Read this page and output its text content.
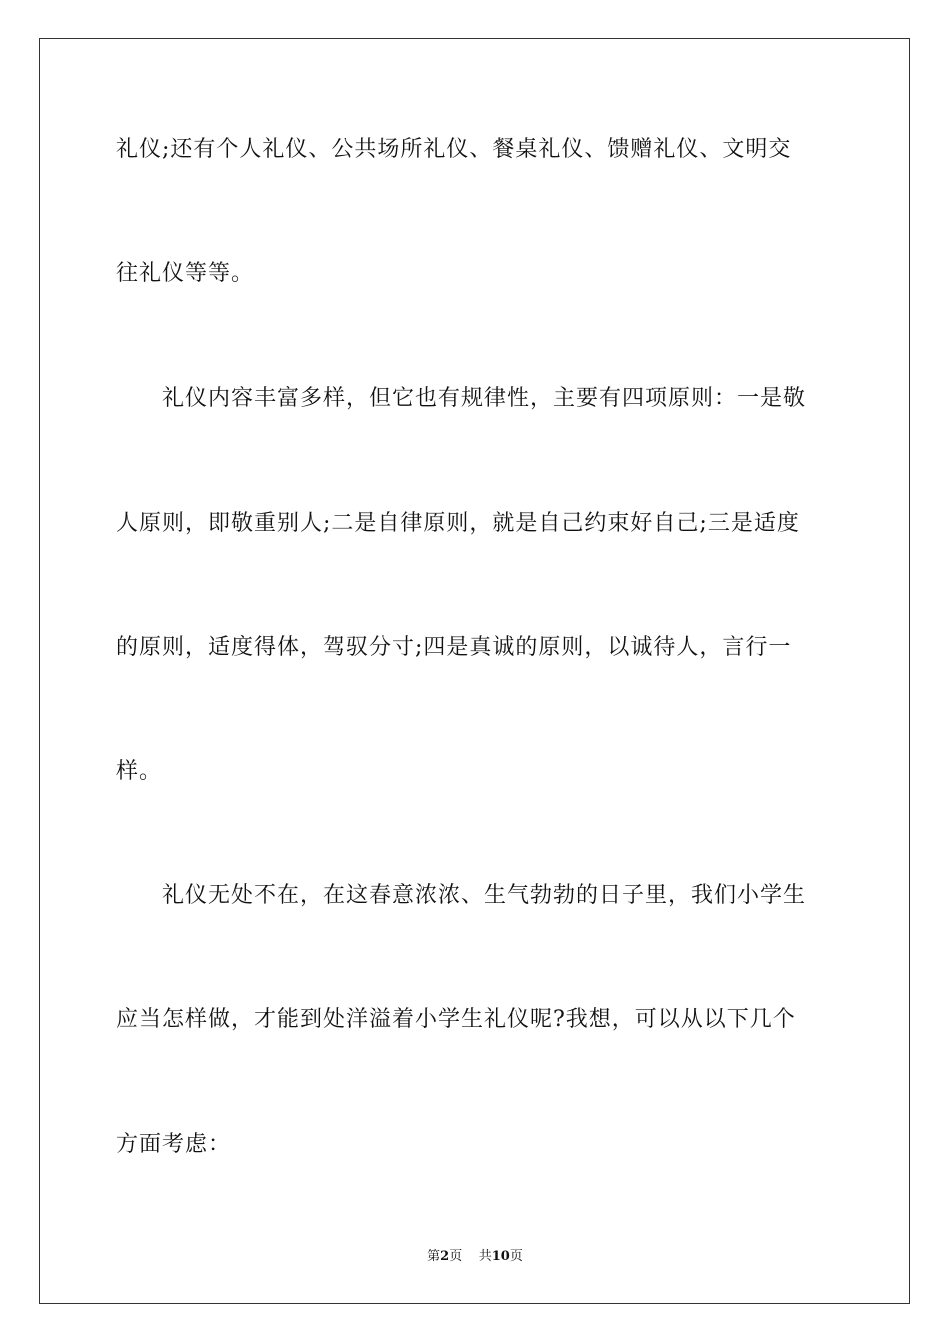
礼仪;还有个人礼仪、公共场所礼仪、餐桌礼仪、馈赠礼仪、文明交
往礼仪等等。
　　礼仪内容丰富多样，但它也有规律性，主要有四项原则：一是敬
人原则，即敬重别人;二是自律原则，就是自己约束好自己;三是适度
的原则，适度得体，驾驭分寸;四是真诚的原则，以诚待人，言行一
样。
　　礼仪无处不在，在这春意浓浓、生气勃勃的日子里，我们小学生
应当怎样做，才能到处洋溢着小学生礼仪呢?我想，可以从以下几个
方面考虑：
第2页 共10页
